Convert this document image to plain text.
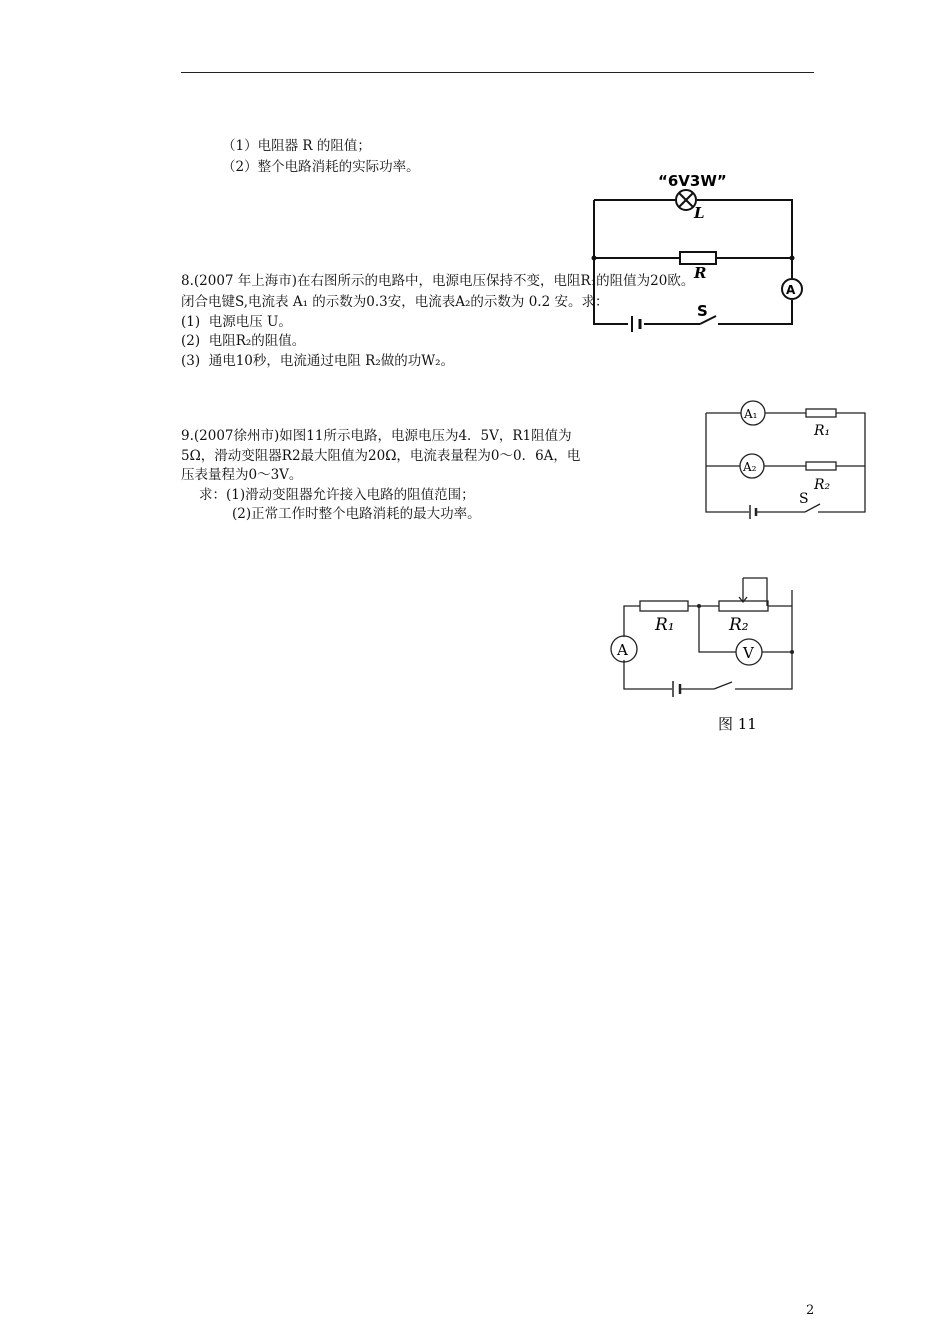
（1）电阻器 R 的阻值；
（2）整个电路消耗的实际功率。
“6V3W”
L
R
A
S
8.(2007 年上海市)在右图所示的电路中，电源电压保持不变，电阻R₁的阻值为20欧。
闭合电键S,电流表 A₁ 的示数为0.3安，电流表A₂的示数为 0.2 安。求：
(1)  电源电压 U。
(2)  电阻R₂的阻值。
(3)  通电10秒，电流通过电阻 R₂做的功W₂。
A₁
A₂
R₁
R₂
S
9.(2007徐州市)如图11所示电路，电源电压为4．5V，R1阻值为
5Ω，滑动变阻器R2最大阻值为20Ω，电流表量程为0～0．6A，电
压表量程为0～3V。
求：(1)滑动变阻器允许接入电路的阻值范围；
(2)正常工作时整个电路消耗的最大功率。
R₁	R₂
A	V
图 11
2
